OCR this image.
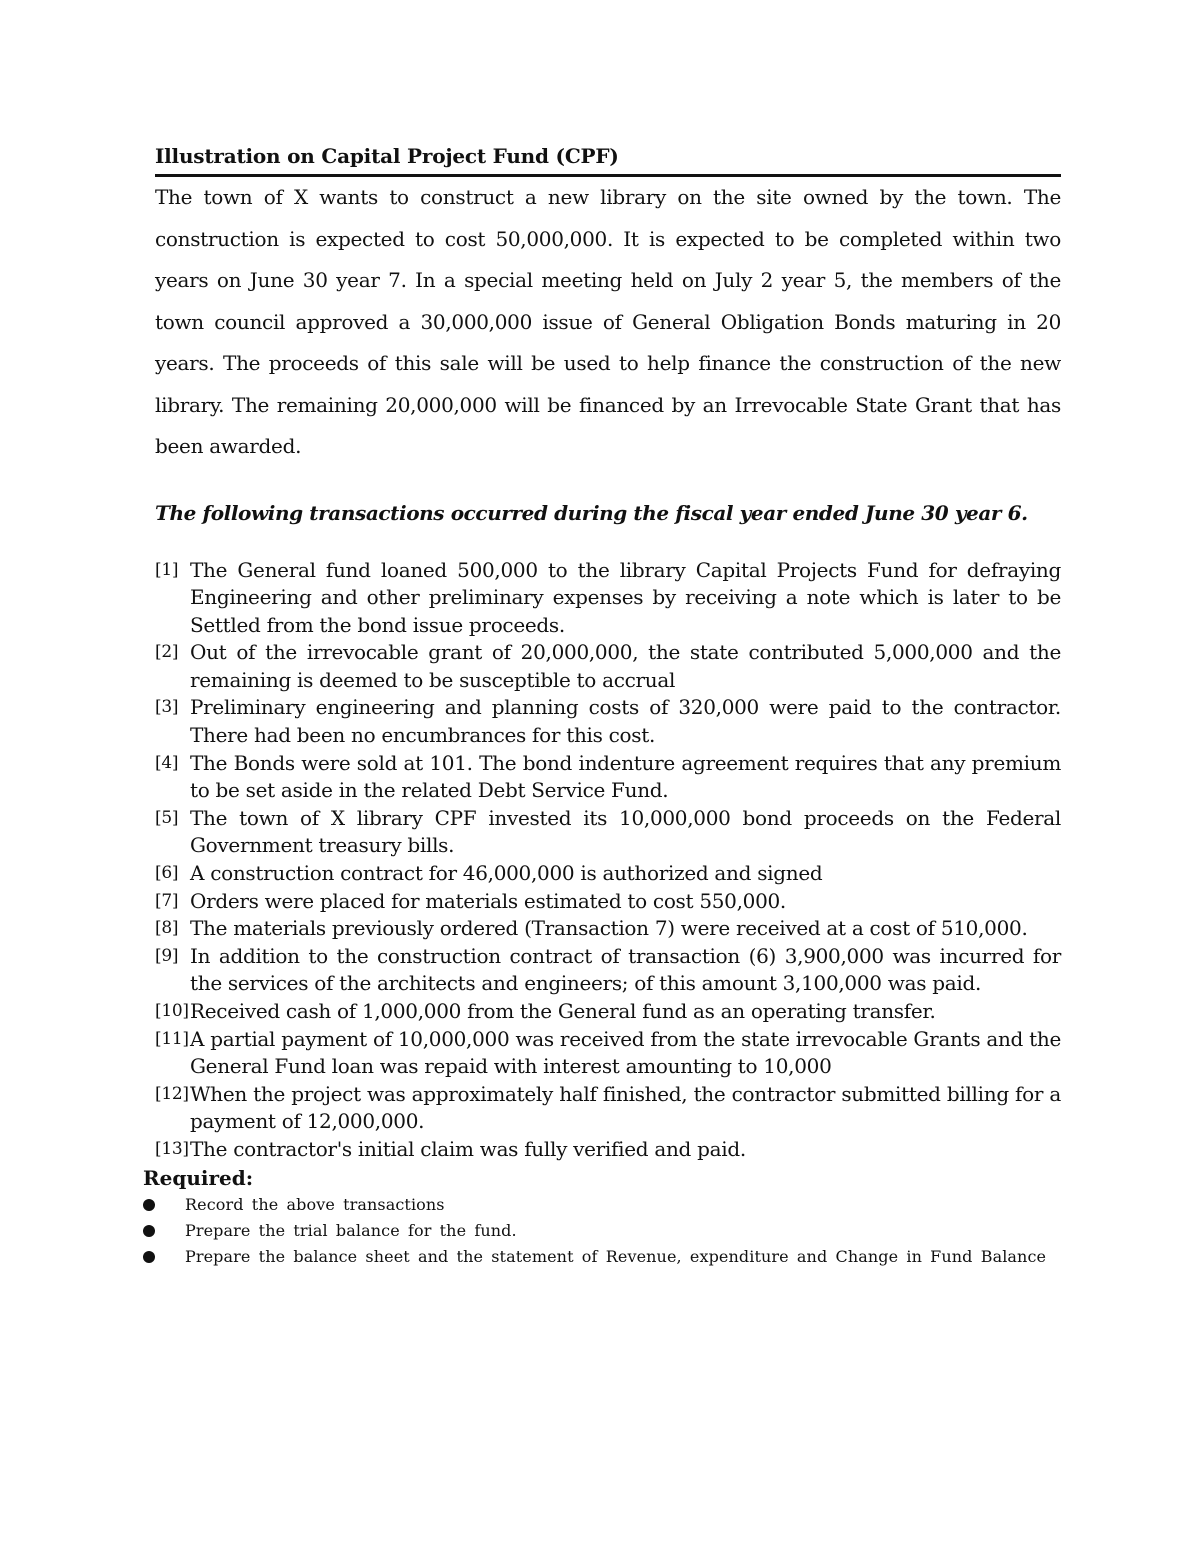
Illustration on Capital Project Fund (CPF)

The town of X wants to construct a new library on the site owned by the town. The construction is expected to cost 50,000,000. It is expected to be completed within two years on June 30 year 7. In a special meeting held on July 2 year 5, the members of the town council approved a 30,000,000 issue of General Obligation Bonds maturing in 20 years. The proceeds of this sale will be used to help finance the construction of the new library. The remaining 20,000,000 will be financed by an Irrevocable State Grant that has been awarded.

The following transactions occurred during the fiscal year ended June 30 year 6.

[1] The General fund loaned 500,000 to the library Capital Projects Fund for defraying Engineering and other preliminary expenses by receiving a note which is later to be Settled from the bond issue proceeds.
[2] Out of the irrevocable grant of 20,000,000, the state contributed 5,000,000 and the remaining is deemed to be susceptible to accrual
[3] Preliminary engineering and planning costs of 320,000 were paid to the contractor. There had been no encumbrances for this cost.
[4] The Bonds were sold at 101. The bond indenture agreement requires that any premium to be set aside in the related Debt Service Fund.
[5] The town of X library CPF invested its 10,000,000 bond proceeds on the Federal Government treasury bills.
[6] A construction contract for 46,000,000 is authorized and signed
[7] Orders were placed for materials estimated to cost 550,000.
[8] The materials previously ordered (Transaction 7) were received at a cost of 510,000.
[9] In addition to the construction contract of transaction (6) 3,900,000 was incurred for the services of the architects and engineers; of this amount 3,100,000 was paid.
[10] Received cash of 1,000,000 from the General fund as an operating transfer.
[11] A partial payment of 10,000,000 was received from the state irrevocable Grants and the General Fund loan was repaid with interest amounting to 10,000
[12] When the project was approximately half finished, the contractor submitted billing for a payment of 12,000,000.
[13] The contractor's initial claim was fully verified and paid.

Required:

Record the above transactions
Prepare the trial balance for the fund.
Prepare the balance sheet and the statement of Revenue, expenditure and Change in Fund Balance
